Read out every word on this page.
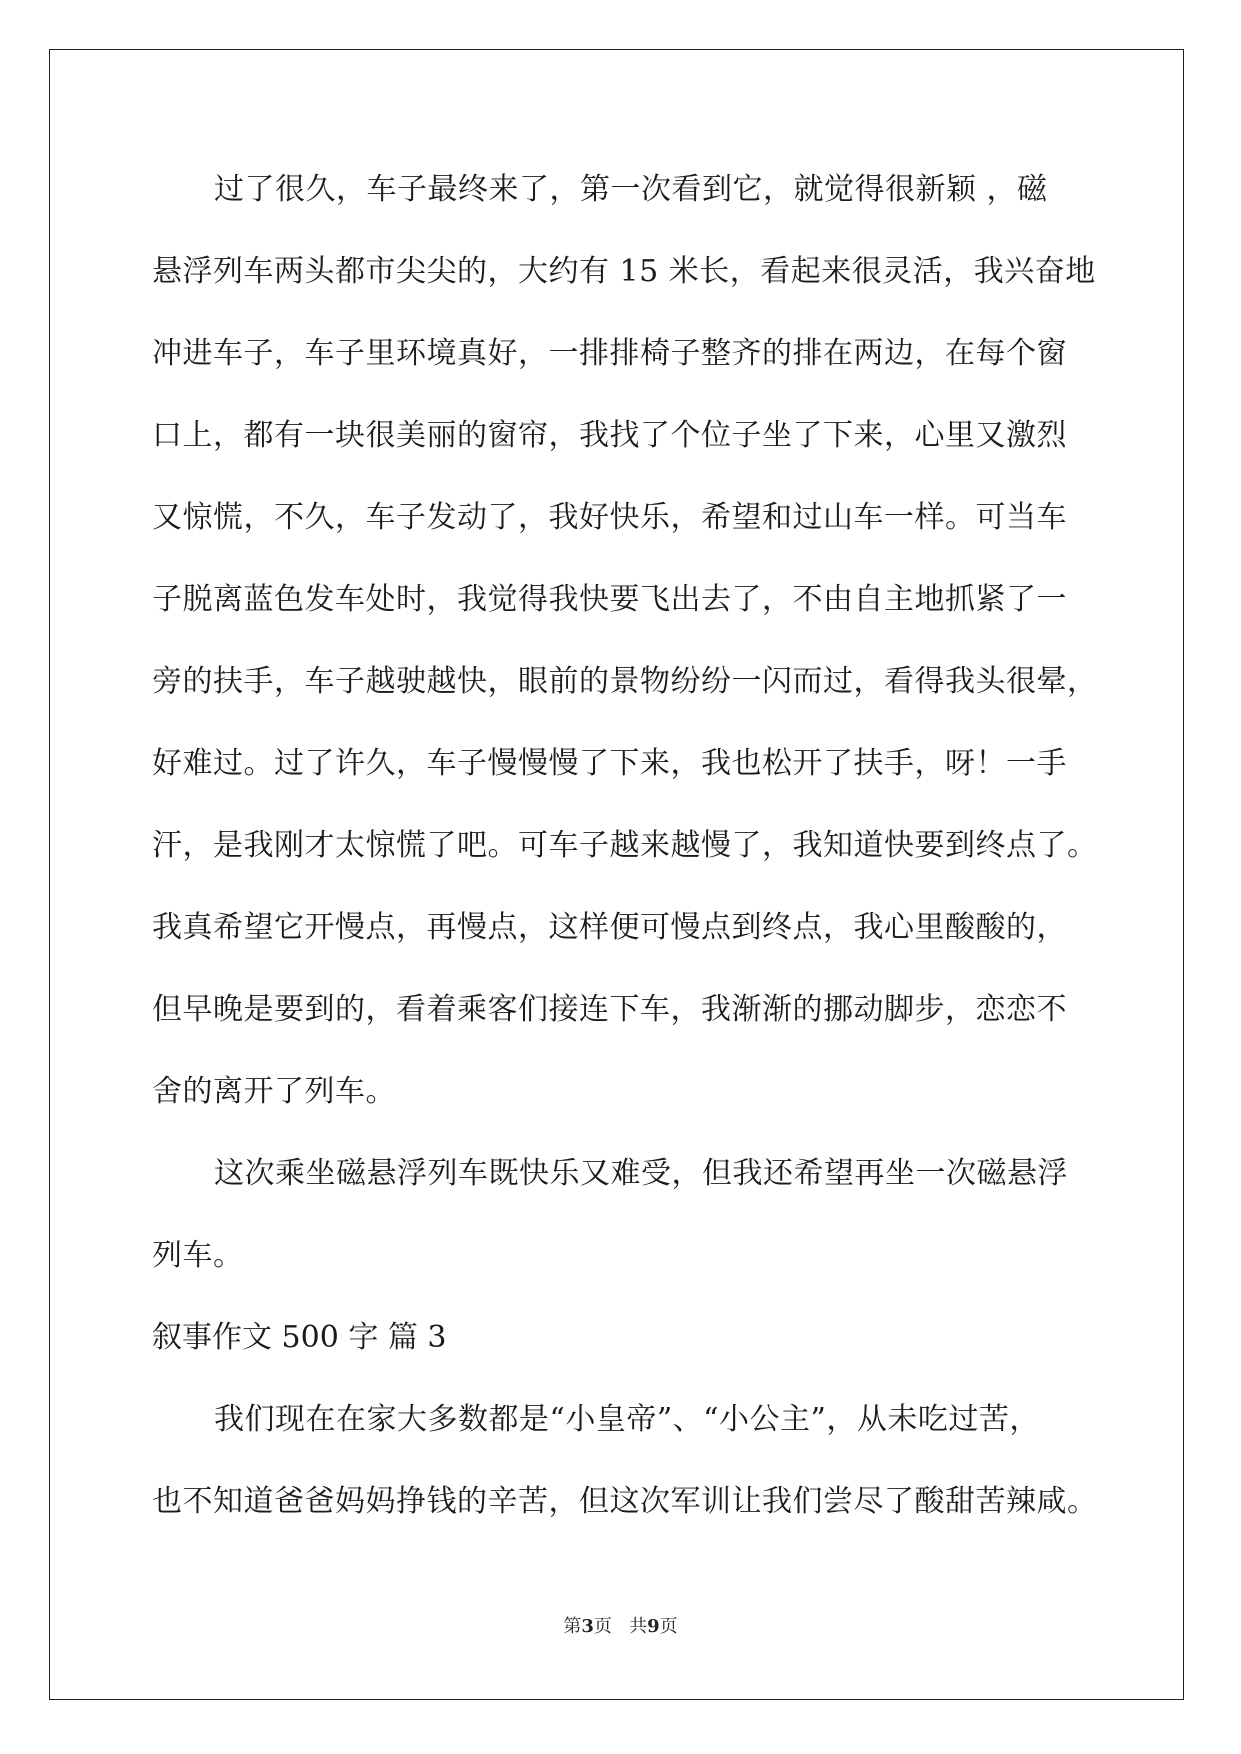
过了很久，车子最终来了，第一次看到它，就觉得很新颖 ，磁
悬浮列车两头都市尖尖的，大约有 15 米长，看起来很灵活，我兴奋地
冲进车子，车子里环境真好，一排排椅子整齐的排在两边，在每个窗
口上，都有一块很美丽的窗帘，我找了个位子坐了下来，心里又激烈
又惊慌，不久，车子发动了，我好快乐，希望和过山车一样。可当车
子脱离蓝色发车处时，我觉得我快要飞出去了，不由自主地抓紧了一
旁的扶手，车子越驶越快，眼前的景物纷纷一闪而过，看得我头很晕，
好难过。过了许久，车子慢慢慢了下来，我也松开了扶手，呀！一手
汗，是我刚才太惊慌了吧。可车子越来越慢了，我知道快要到终点了。
我真希望它开慢点，再慢点，这样便可慢点到终点，我心里酸酸的，
但早晚是要到的，看着乘客们接连下车，我渐渐的挪动脚步，恋恋不
舍的离开了列车。
这次乘坐磁悬浮列车既快乐又难受，但我还希望再坐一次磁悬浮
列车。
叙事作文 500 字 篇 3
我们现在在家大多数都是“小皇帝”、“小公主”，从未吃过苦，
也不知道爸爸妈妈挣钱的辛苦，但这次军训让我们尝尽了酸甜苦辣咸。
第3页 共9页
